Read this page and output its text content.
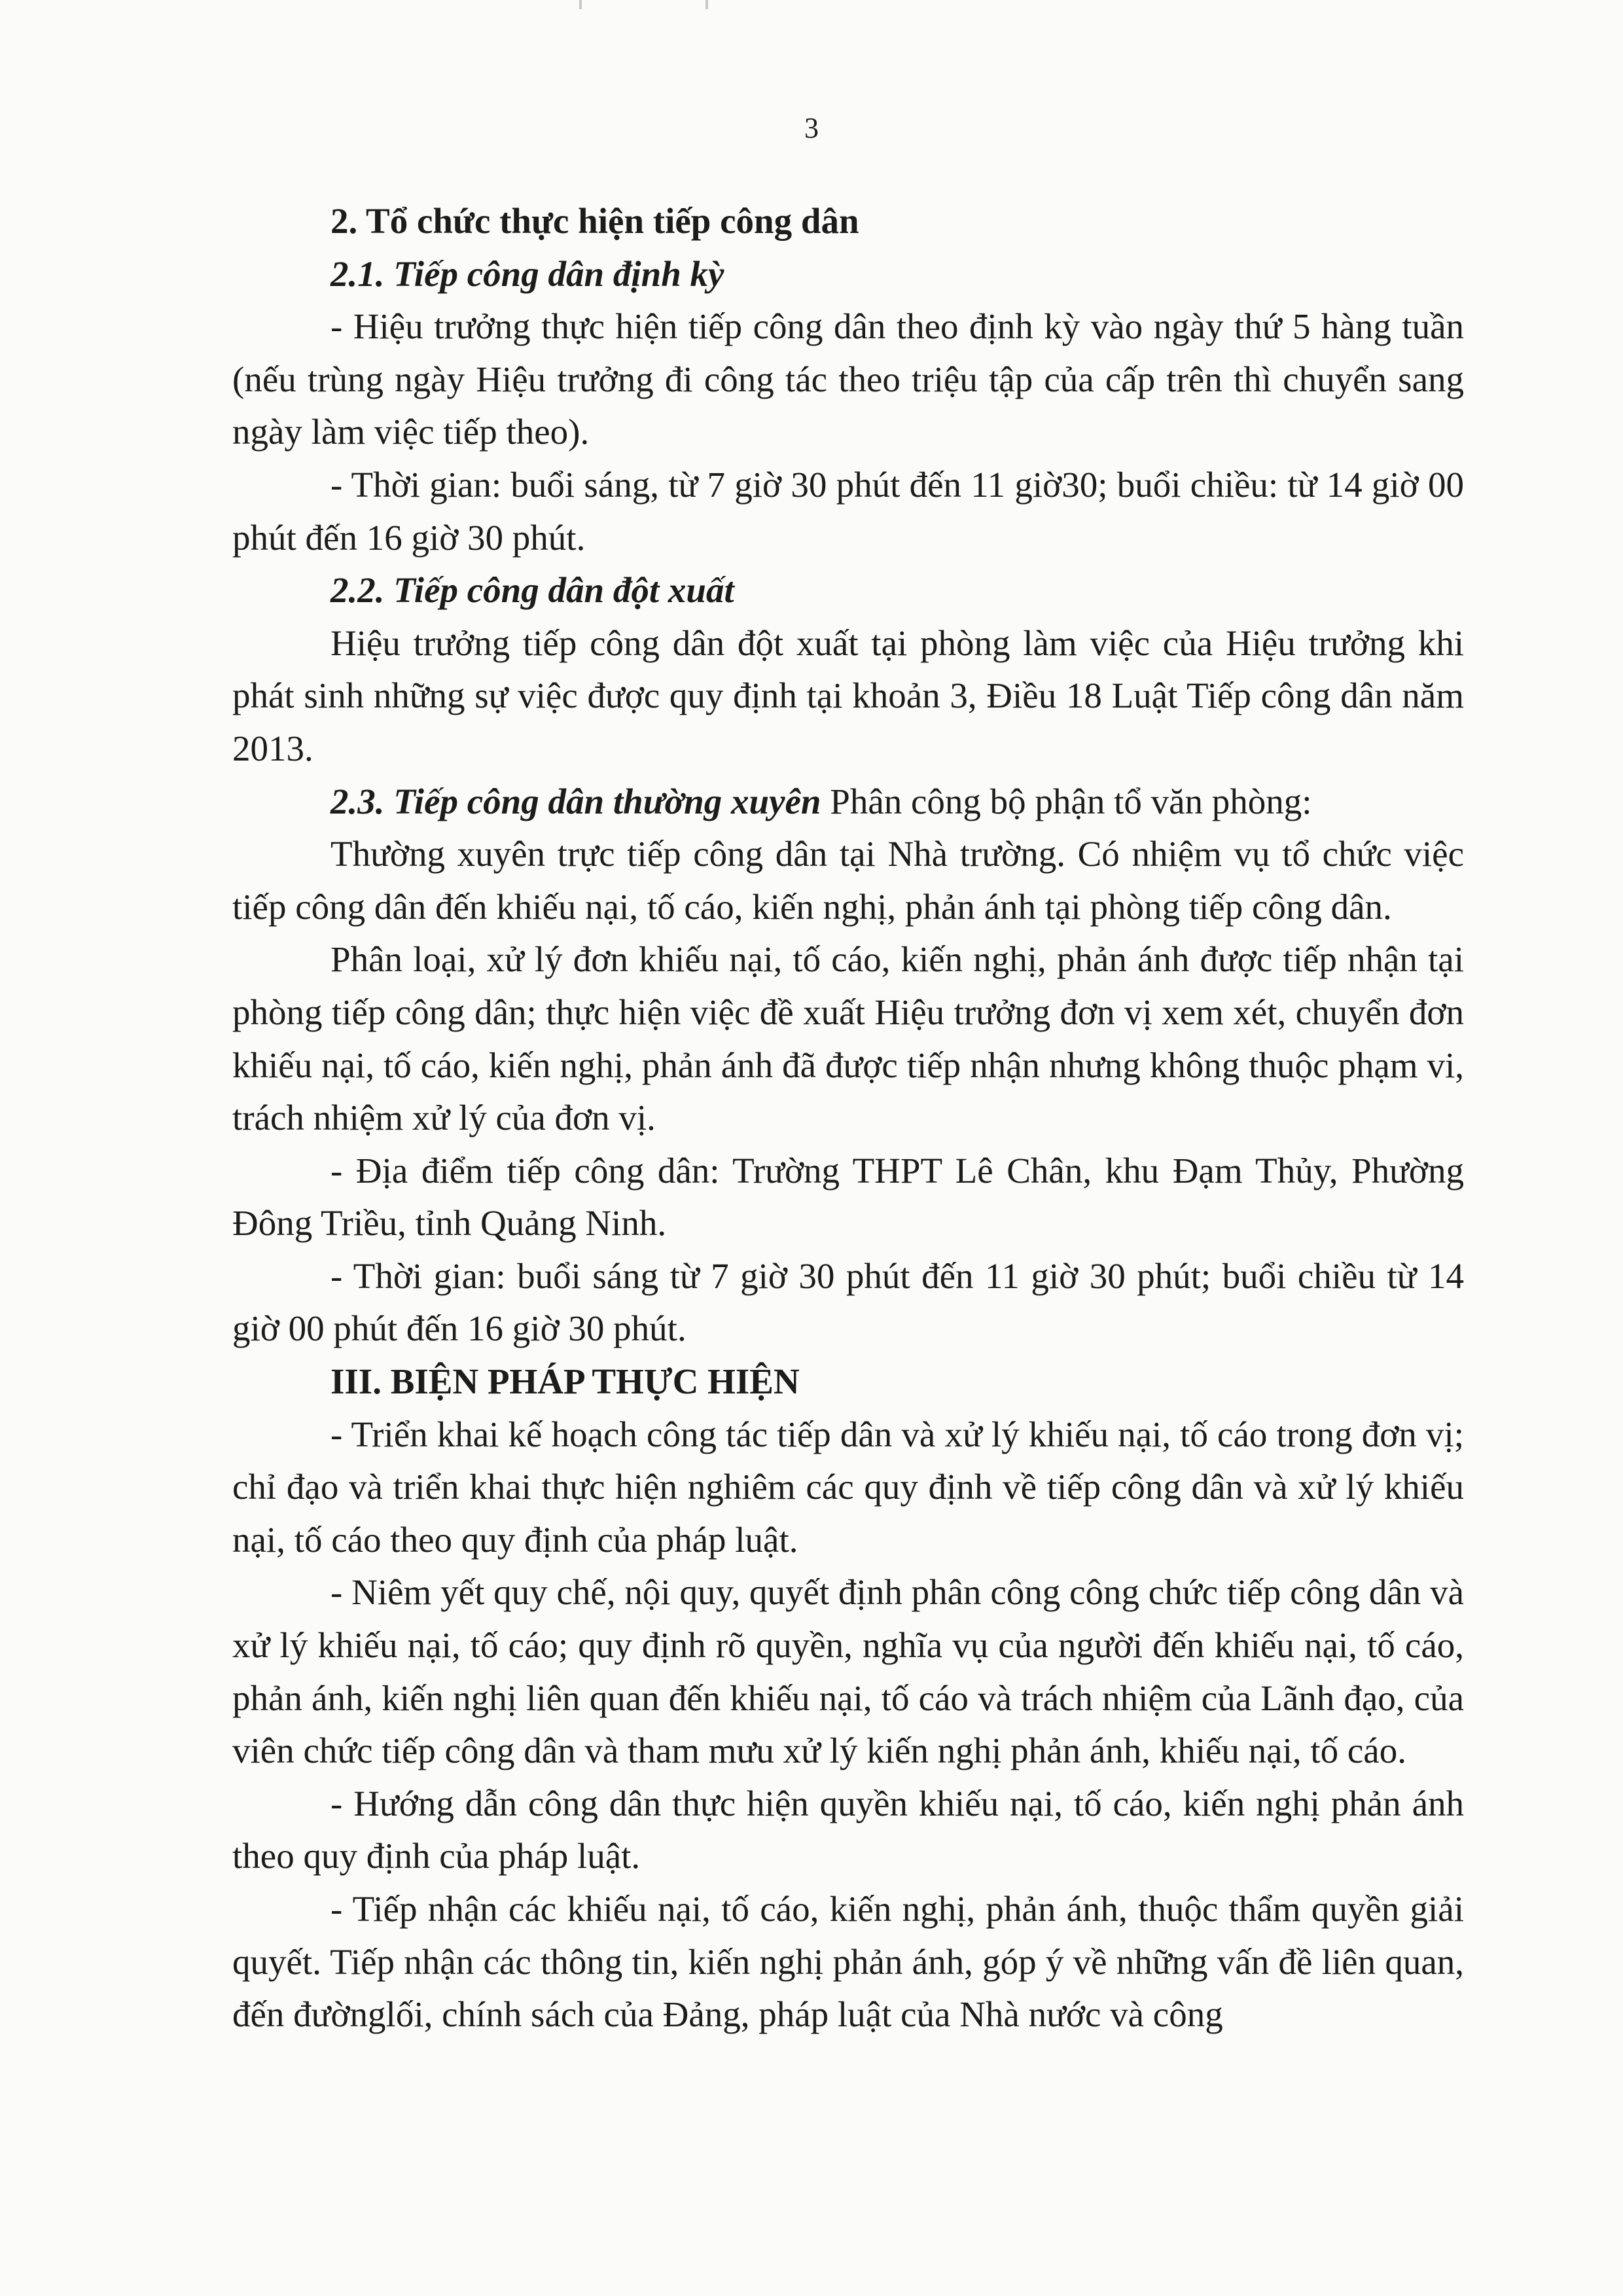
3

2. Tổ chức thực hiện tiếp công dân

2.1. Tiếp công dân định kỳ

- Hiệu trưởng thực hiện tiếp công dân theo định kỳ vào ngày thứ 5 hàng tuần (nếu trùng ngày Hiệu trưởng đi công tác theo triệu tập của cấp trên thì chuyển sang ngày làm việc tiếp theo).

- Thời gian: buổi sáng, từ 7 giờ 30 phút đến 11 giờ30; buổi chiều: từ 14 giờ 00 phút đến 16 giờ 30 phút.

2.2. Tiếp công dân đột xuất

Hiệu trưởng tiếp công dân đột xuất tại phòng làm việc của Hiệu trưởng khi phát sinh những sự việc được quy định tại khoản 3, Điều 18 Luật Tiếp công dân năm 2013.

2.3. Tiếp công dân thường xuyên Phân công bộ phận tổ văn phòng:

Thường xuyên trực tiếp công dân tại Nhà trường. Có nhiệm vụ tổ chức việc tiếp công dân đến khiếu nại, tố cáo, kiến nghị, phản ánh tại phòng tiếp công dân.

Phân loại, xử lý đơn khiếu nại, tố cáo, kiến nghị, phản ánh được tiếp nhận tại phòng tiếp công dân; thực hiện việc đề xuất Hiệu trưởng đơn vị xem xét, chuyển đơn khiếu nại, tố cáo, kiến nghị, phản ánh đã được tiếp nhận nhưng không thuộc phạm vi, trách nhiệm xử lý của đơn vị.

- Địa điểm tiếp công dân: Trường THPT Lê Chân, khu Đạm Thủy, Phường Đông Triều, tỉnh Quảng Ninh.

- Thời gian: buổi sáng từ 7 giờ 30 phút đến 11 giờ 30 phút; buổi chiều từ 14 giờ 00 phút đến 16 giờ 30 phút.

III. BIỆN PHÁP THỰC HIỆN

- Triển khai kế hoạch công tác tiếp dân và xử lý khiếu nại, tố cáo trong đơn vị; chỉ đạo và triển khai thực hiện nghiêm các quy định về tiếp công dân và xử lý khiếu nại, tố cáo theo quy định của pháp luật.

- Niêm yết quy chế, nội quy, quyết định phân công công chức tiếp công dân và xử lý khiếu nại, tố cáo; quy định rõ quyền, nghĩa vụ của người đến khiếu nại, tố cáo, phản ánh, kiến nghị liên quan đến khiếu nại, tố cáo và trách nhiệm của Lãnh đạo, của viên chức tiếp công dân và tham mưu xử lý kiến nghị phản ánh, khiếu nại, tố cáo.

- Hướng dẫn công dân thực hiện quyền khiếu nại, tố cáo, kiến nghị phản ánh theo quy định của pháp luật.

- Tiếp nhận các khiếu nại, tố cáo, kiến nghị, phản ánh, thuộc thẩm quyền giải quyết. Tiếp nhận các thông tin, kiến nghị phản ánh, góp ý về những vấn đề liên quan, đến đườnglối, chính sách của Đảng, pháp luật của Nhà nước và công
